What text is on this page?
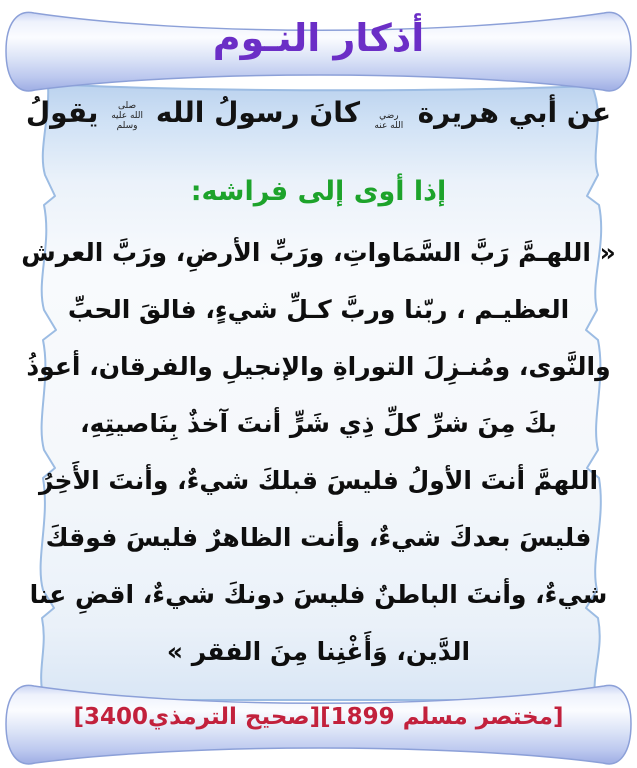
أذكار النـوم
عن أبي هريرة رضي الله عنه كانَ رسولُ الله صلى الله عليه وسلم يقولُ
إذا أوى إلى فراشه:
« اللهـمَّ رَبَّ السَّمَاواتِ، ورَبِّ الأرضِ، ورَبَّ العرش
العظيـم ، ربّنا وربَّ كـلِّ شيءٍ، فالقَ الحبِّ
والنَّوى، ومُنـزِلَ التوراةِ والإنجيلِ والفرقان، أعوذُ
بكَ مِنَ شرِّ كلِّ ذِي شَرٍّ أنتَ آخذٌ بِنَاصيتِهِ،
اللهمَّ أنتَ الأولُ فليسَ قبلكَ شيءٌ، وأنتَ الأَخِرُ
فليسَ بعدكَ شيءٌ، وأنت الظاهرٌ فليسَ فوقكَ
شيءٌ، وأنتَ الباطنٌ فليسَ دونكَ شيءٌ، اقضِ عنا
الدَّين، وَأَغْنِنا مِنَ الفقر »
[مختصر مسلم 1899][صحيح الترمذي3400]
